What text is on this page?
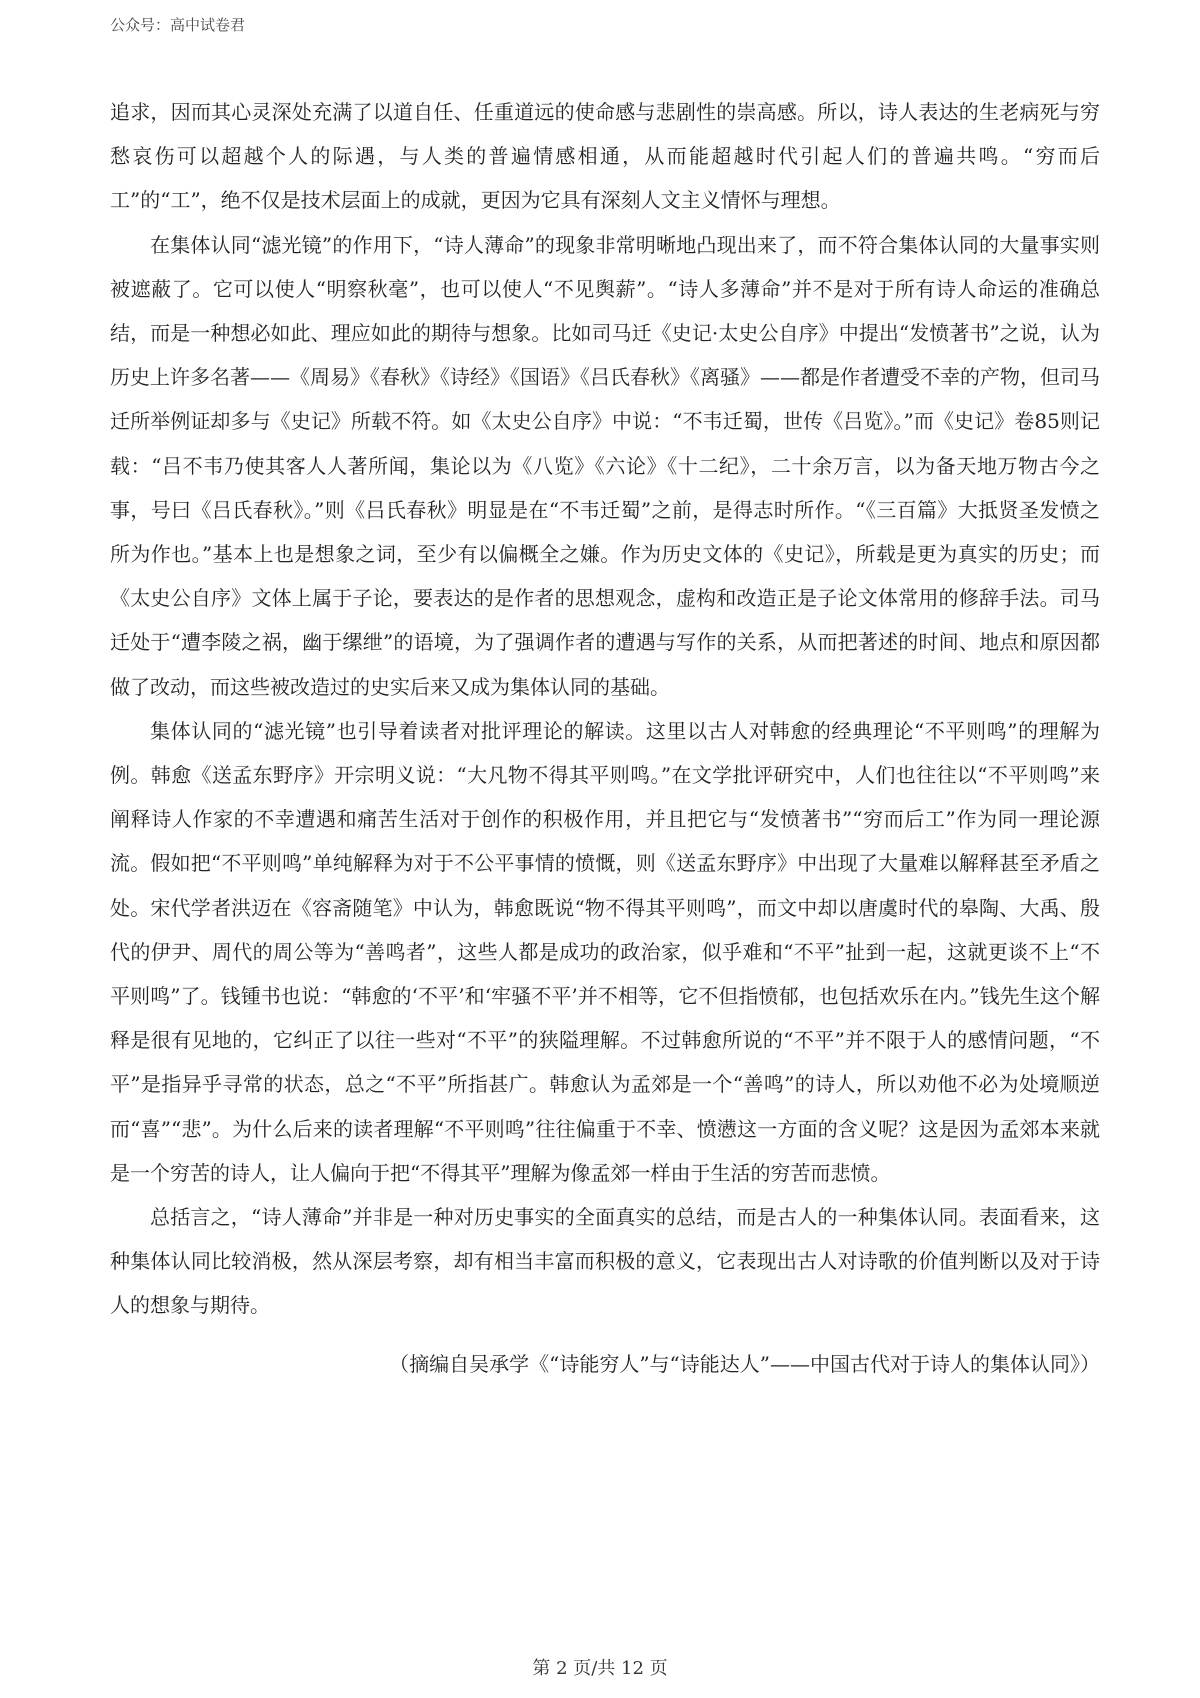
公众号：高中试卷君

追求，因而其心灵深处充满了以道自任、任重道远的使命感与悲剧性的崇高感。所以，诗人表达的生老病死与穷愁哀伤可以超越个人的际遇，与人类的普遍情感相通，从而能超越时代引起人们的普遍共鸣。“穷而后工”的“工”，绝不仅是技术层面上的成就，更因为它具有深刻人文主义情怀与理想。

在集体认同“滤光镜”的作用下，“诗人薄命”的现象非常明晰地凸现出来了，而不符合集体认同的大量事实则被遮蔽了。它可以使人“明察秋毫”，也可以使人“不见舆薪”。“诗人多薄命”并不是对于所有诗人命运的准确总结，而是一种想必如此、理应如此的期待与想象。比如司马迁《史记·太史公自序》中提出“发愤著书”之说，认为历史上许多名著——《周易》《春秋》《诗经》《国语》《吕氏春秋》《离骚》——都是作者遭受不幸的产物，但司马迁所举例证却多与《史记》所载不符。如《太史公自序》中说：“不韦迁蜀，世传《吕览》。”而《史记》卷85则记载：“吕不韦乃使其客人人著所闻，集论以为《八览》《六论》《十二纪》，二十余万言，以为备天地万物古今之事，号曰《吕氏春秋》。”则《吕氏春秋》明显是在“不韦迁蜀”之前，是得志时所作。“《三百篇》大抵贤圣发愤之所为作也。”基本上也是想象之词，至少有以偏概全之嫌。作为历史文体的《史记》，所载是更为真实的历史；而《太史公自序》文体上属于子论，要表达的是作者的思想观念，虚构和改造正是子论文体常用的修辞手法。司马迁处于“遭李陵之祸，幽于缧绁”的语境，为了强调作者的遭遇与写作的关系，从而把著述的时间、地点和原因都做了改动，而这些被改造过的史实后来又成为集体认同的基础。

集体认同的“滤光镜”也引导着读者对批评理论的解读。这里以古人对韩愈的经典理论“不平则鸣”的理解为例。韩愈《送孟东野序》开宗明义说：“大凡物不得其平则鸣。”在文学批评研究中，人们也往往以“不平则鸣”来阐释诗人作家的不幸遭遇和痛苦生活对于创作的积极作用，并且把它与“发愤著书”“穷而后工”作为同一理论源流。假如把“不平则鸣”单纯解释为对于不公平事情的愤慨，则《送孟东野序》中出现了大量难以解释甚至矛盾之处。宋代学者洪迈在《容斋随笔》中认为，韩愈既说“物不得其平则鸣”，而文中却以唐虞时代的皋陶、大禹、殷代的伊尹、周代的周公等为“善鸣者”，这些人都是成功的政治家，似乎难和“不平”扯到一起，这就更谈不上“不平则鸣”了。钱锺书也说：“韩愈的‘不平’和‘牢骚不平’并不相等，它不但指愤郁，也包括欢乐在内。”钱先生这个解释是很有见地的，它纠正了以往一些对“不平”的狭隘理解。不过韩愈所说的“不平”并不限于人的感情问题，“不平”是指异乎寻常的状态，总之“不平”所指甚广。韩愈认为孟郊是一个“善鸣”的诗人，所以劝他不必为处境顺逆而“喜”“悲”。为什么后来的读者理解“不平则鸣”往往偏重于不幸、愤懑这一方面的含义呢？这是因为孟郊本来就是一个穷苦的诗人，让人偏向于把“不得其平”理解为像孟郊一样由于生活的穷苦而悲愤。

总括言之，“诗人薄命”并非是一种对历史事实的全面真实的总结，而是古人的一种集体认同。表面看来，这种集体认同比较消极，然从深层考察，却有相当丰富而积极的意义，它表现出古人对诗歌的价值判断以及对于诗人的想象与期待。

（摘编自吴承学《“诗能穷人”与“诗能达人”——中国古代对于诗人的集体认同》）

第 2 页/共 12 页
